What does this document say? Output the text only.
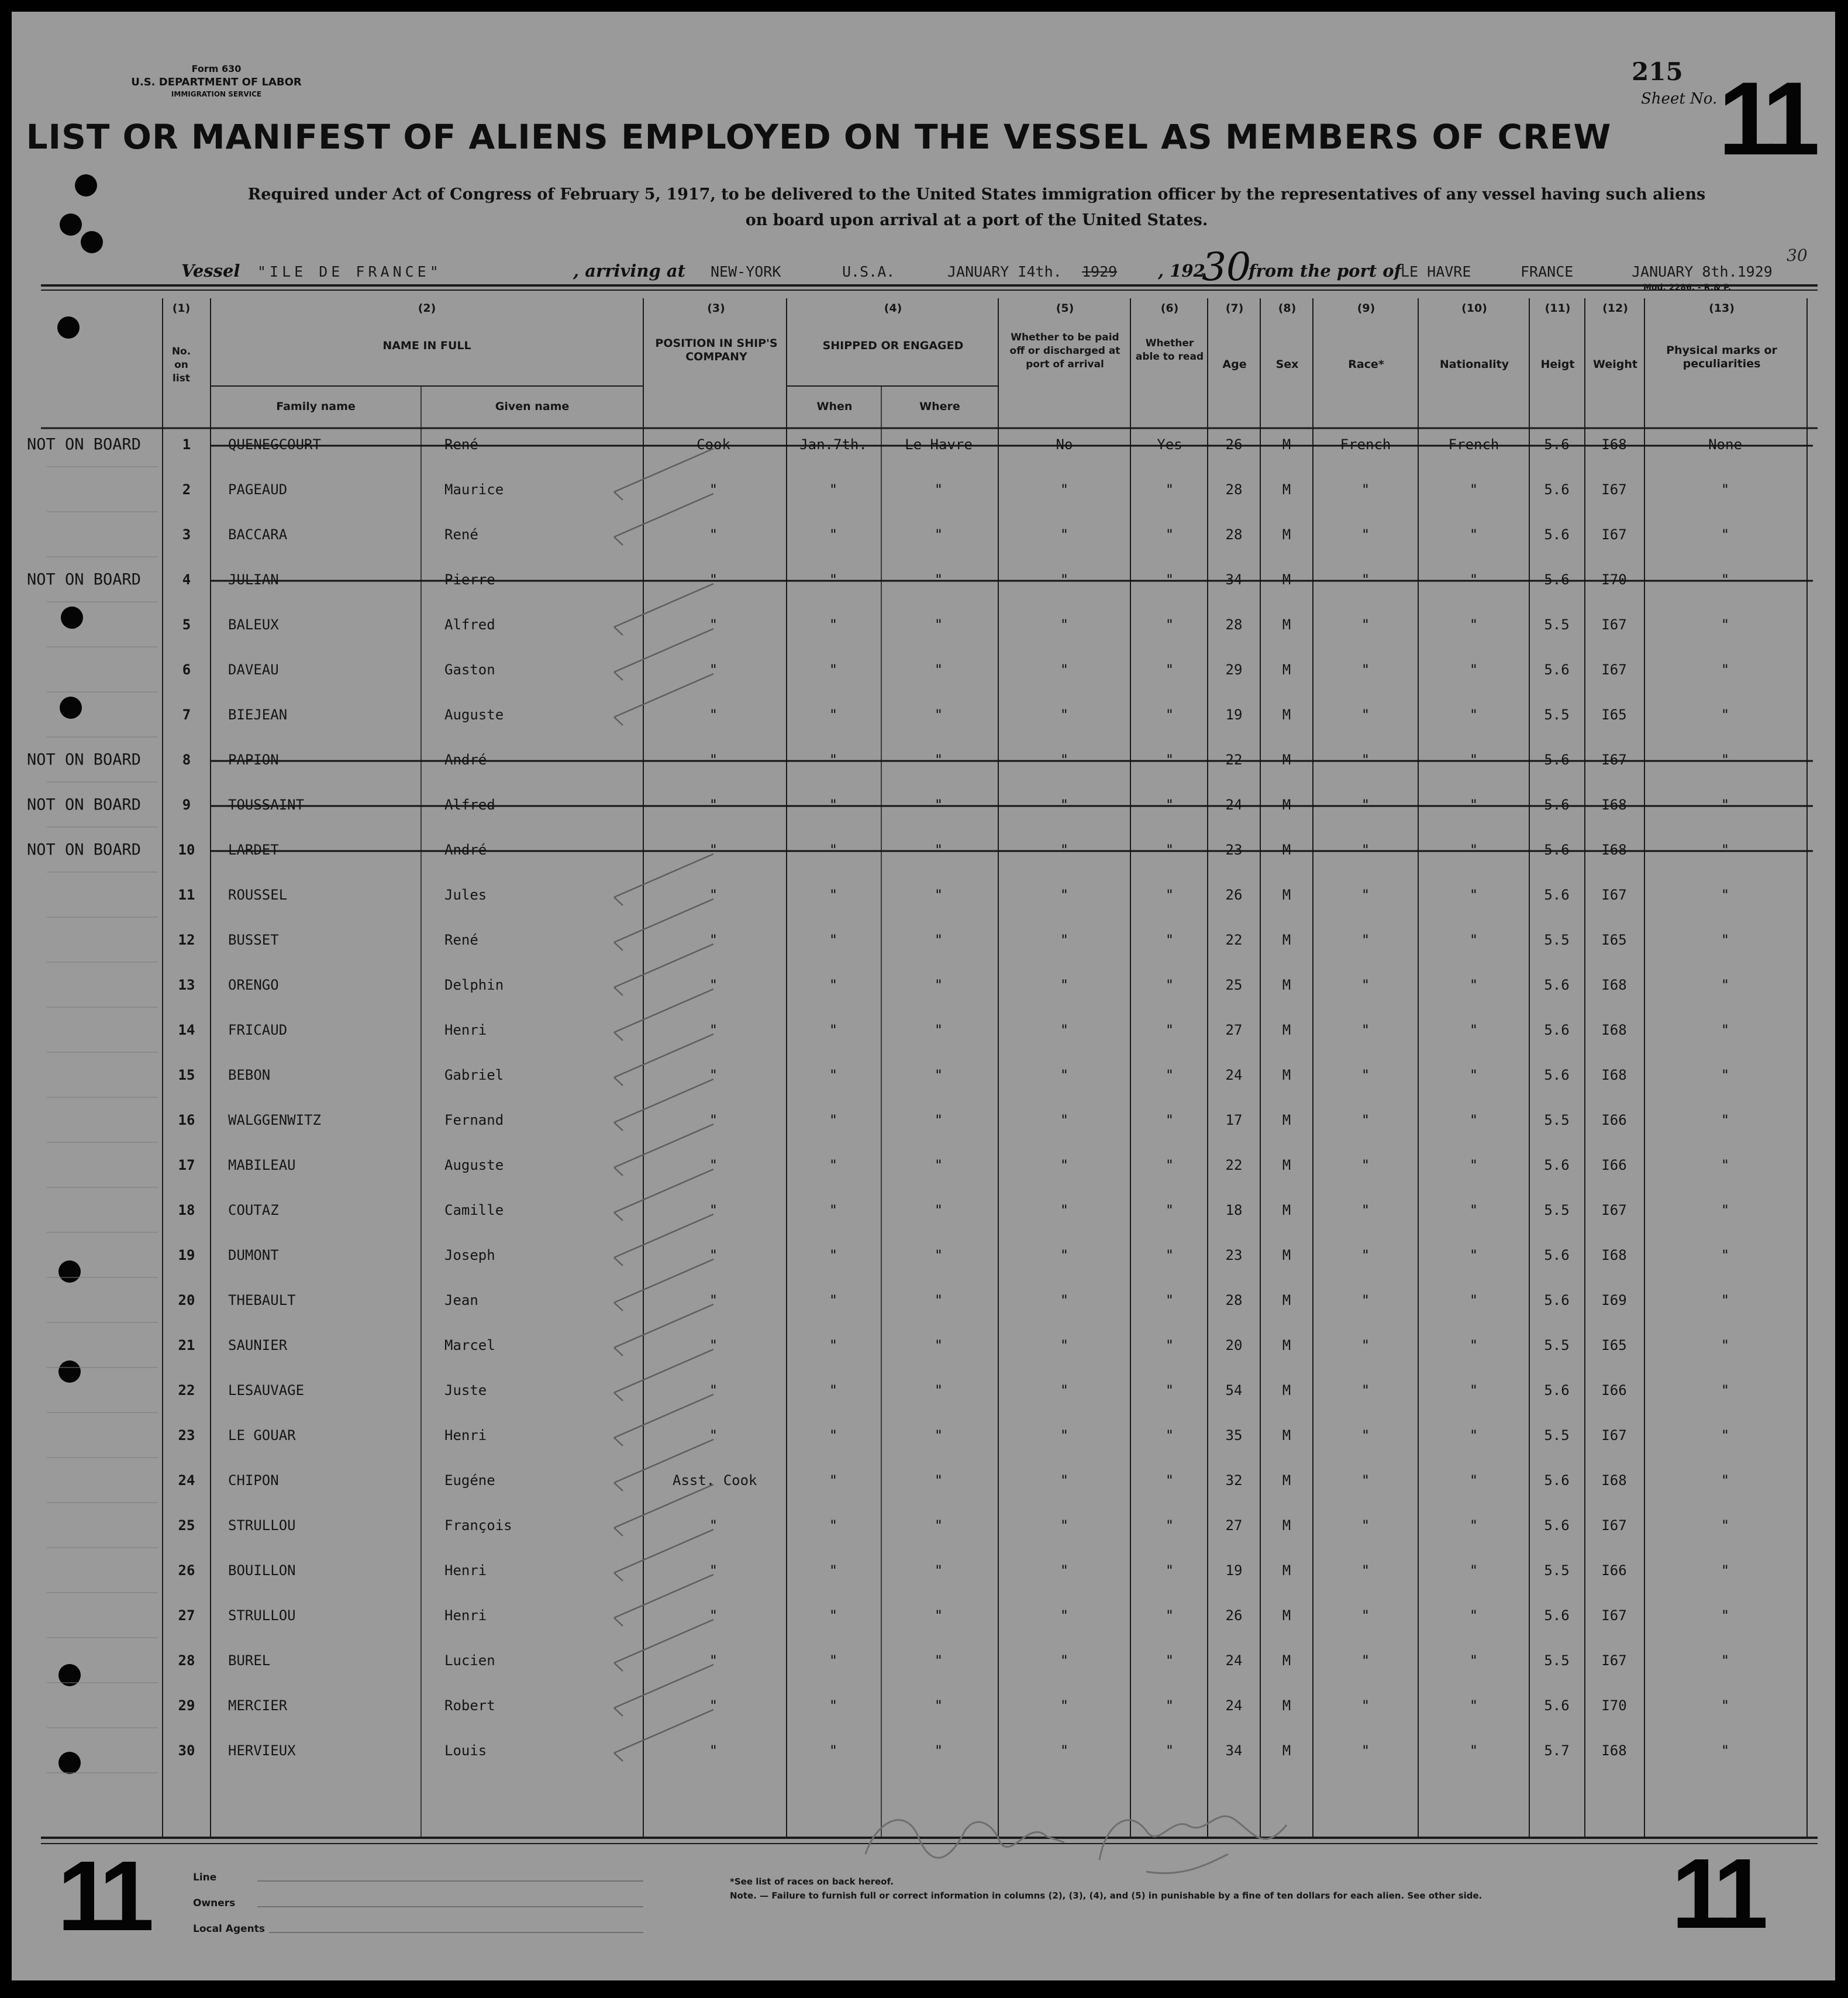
Form 630
U.S. DEPARTMENT OF LABOR
IMMIGRATION SERVICE
215
Sheet No. 11
LIST OR MANIFEST OF ALIENS EMPLOYED ON THE VESSEL AS MEMBERS OF CREW
Required under Act of Congress of February 5, 1917, to be delivered to the United States immigration officer by the representatives of any vessel having such aliens
on board upon arrival at a port of the United States.
Vessel "ILE DE FRANCE"	, arriving at NEW-YORK	U.S.A.	JANUARY I4th. 1929 , 192
30
from the port of
LE HAVRE	FRANCE	JANUARY 8th.1929
30
Mod. 2286. - R.& P.
(1)
No. on list
(2)
NAME IN FULL
Family name	Given name
(3)
POSITION IN SHIP'S COMPANY
(4)
SHIPPED OR ENGAGED
When	Where
(5)
Whether to be paid off or discharged at port of arrival
(6)
Whether able to read
(7)
Age
(8)
Sex
(9)
Race*
(10)
Nationality
(11)
Heigt
(12)
Weight
(13)
Physical marks or peculiarities
1	QUENEGCOURT	René	Cook	Jan.7th.	Le Havre	No	Yes	26	M	French	French	5.6	I68	None
NOT ON BOARD
2	PAGEAUD	Maurice	"	"	"	"	"	28	M	"	"	5.6	I67	"
3	BACCARA	René	"	"	"	"	"	28	M	"	"	5.6	I67	"
4	JULIAN	Pierre	"	"	"	"	"	34	M	"	"	5.6	I70	"
NOT ON BOARD
5	BALEUX	Alfred	"	"	"	"	"	28	M	"	"	5.5	I67	"
6	DAVEAU	Gaston	"	"	"	"	"	29	M	"	"	5.6	I67	"
7	BIEJEAN	Auguste	"	"	"	"	"	19	M	"	"	5.5	I65	"
8	PAPION	André	"	"	"	"	"	22	M	"	"	5.6	I67	"
NOT ON BOARD
9	TOUSSAINT	Alfred	"	"	"	"	"	24	M	"	"	5.6	I68	"
NOT ON BOARD
10	LARDET	André	"	"	"	"	"	23	M	"	"	5.6	I68	"
NOT ON BOARD
11	ROUSSEL	Jules	"	"	"	"	"	26	M	"	"	5.6	I67	"
12	BUSSET	René	"	"	"	"	"	22	M	"	"	5.5	I65	"
13	ORENGO	Delphin	"	"	"	"	"	25	M	"	"	5.6	I68	"
14	FRICAUD	Henri	"	"	"	"	"	27	M	"	"	5.6	I68	"
15	BEBON	Gabriel	"	"	"	"	"	24	M	"	"	5.6	I68	"
16	WALGGENWITZ	Fernand	"	"	"	"	"	17	M	"	"	5.5	I66	"
17	MABILEAU	Auguste	"	"	"	"	"	22	M	"	"	5.6	I66	"
18	COUTAZ	Camille	"	"	"	"	"	18	M	"	"	5.5	I67	"
19	DUMONT	Joseph	"	"	"	"	"	23	M	"	"	5.6	I68	"
20	THEBAULT	Jean	"	"	"	"	"	28	M	"	"	5.6	I69	"
21	SAUNIER	Marcel	"	"	"	"	"	20	M	"	"	5.5	I65	"
22	LESAUVAGE	Juste	"	"	"	"	"	54	M	"	"	5.6	I66	"
23	LE GOUAR	Henri	"	"	"	"	"	35	M	"	"	5.5	I67	"
24	CHIPON	Eugéne	Asst. Cook	"	"	"	"	32	M	"	"	5.6	I68	"
25	STRULLOU	François	"	"	"	"	"	27	M	"	"	5.6	I67	"
26	BOUILLON	Henri	"	"	"	"	"	19	M	"	"	5.5	I66	"
27	STRULLOU	Henri	"	"	"	"	"	26	M	"	"	5.6	I67	"
28	BUREL	Lucien	"	"	"	"	"	24	M	"	"	5.5	I67	"
29	MERCIER	Robert	"	"	"	"	"	24	M	"	"	5.6	I70	"
30	HERVIEUX	Louis	"	"	"	"	"	34	M	"	"	5.7	I68	"
Line
Owners
Local Agents
*See list of races on back hereof.
Note. — Failure to furnish full or correct information in columns (2), (3), (4), and (5) in punishable by a fine of ten dollars for each alien. See other side.
11	11
